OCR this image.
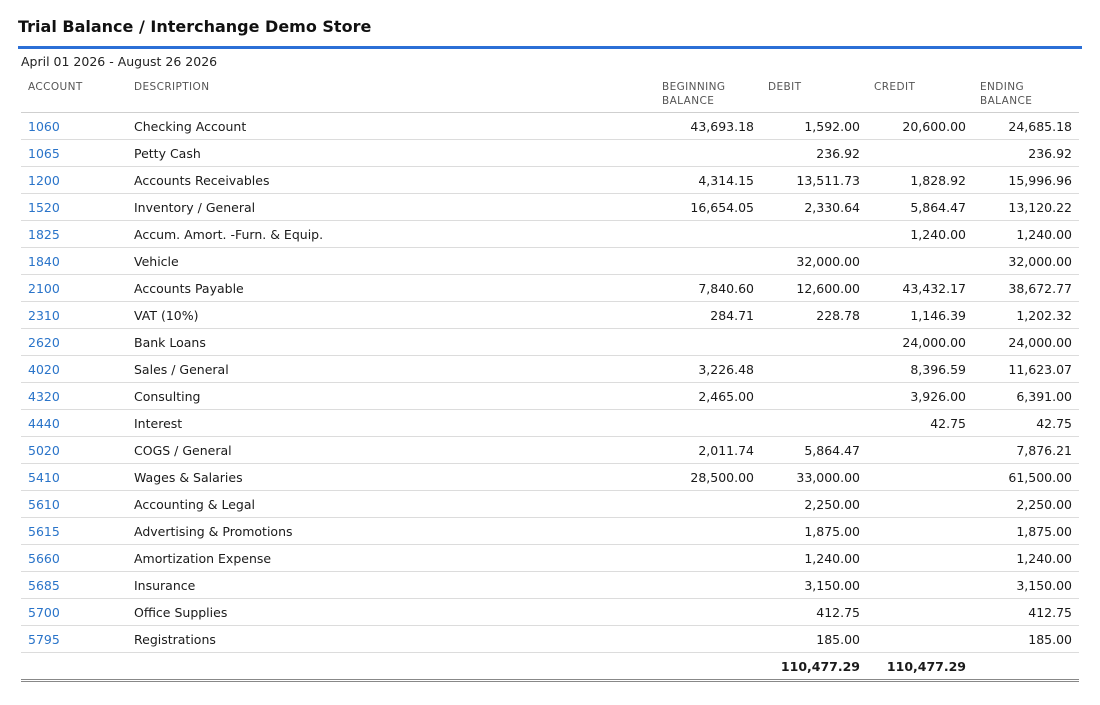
Trial Balance / Interchange Demo Store
April 01 2026 - August 26 2026
ACCOUNT	DESCRIPTION	BEGINNING BALANCE	DEBIT	CREDIT	ENDING BALANCE
1060	Checking Account	43,693.18	1,592.00	20,600.00	24,685.18
1065	Petty Cash		236.92		236.92
1200	Accounts Receivables	4,314.15	13,511.73	1,828.92	15,996.96
1520	Inventory / General	16,654.05	2,330.64	5,864.47	13,120.22
1825	Accum. Amort. -Furn. & Equip.			1,240.00	1,240.00
1840	Vehicle		32,000.00		32,000.00
2100	Accounts Payable	7,840.60	12,600.00	43,432.17	38,672.77
2310	VAT (10%)	284.71	228.78	1,146.39	1,202.32
2620	Bank Loans			24,000.00	24,000.00
4020	Sales / General	3,226.48		8,396.59	11,623.07
4320	Consulting	2,465.00		3,926.00	6,391.00
4440	Interest			42.75	42.75
5020	COGS / General	2,011.74	5,864.47		7,876.21
5410	Wages & Salaries	28,500.00	33,000.00		61,500.00
5610	Accounting & Legal		2,250.00		2,250.00
5615	Advertising & Promotions		1,875.00		1,875.00
5660	Amortization Expense		1,240.00		1,240.00
5685	Insurance		3,150.00		3,150.00
5700	Office Supplies		412.75		412.75
5795	Registrations		185.00		185.00
			110,477.29	110,477.29	
